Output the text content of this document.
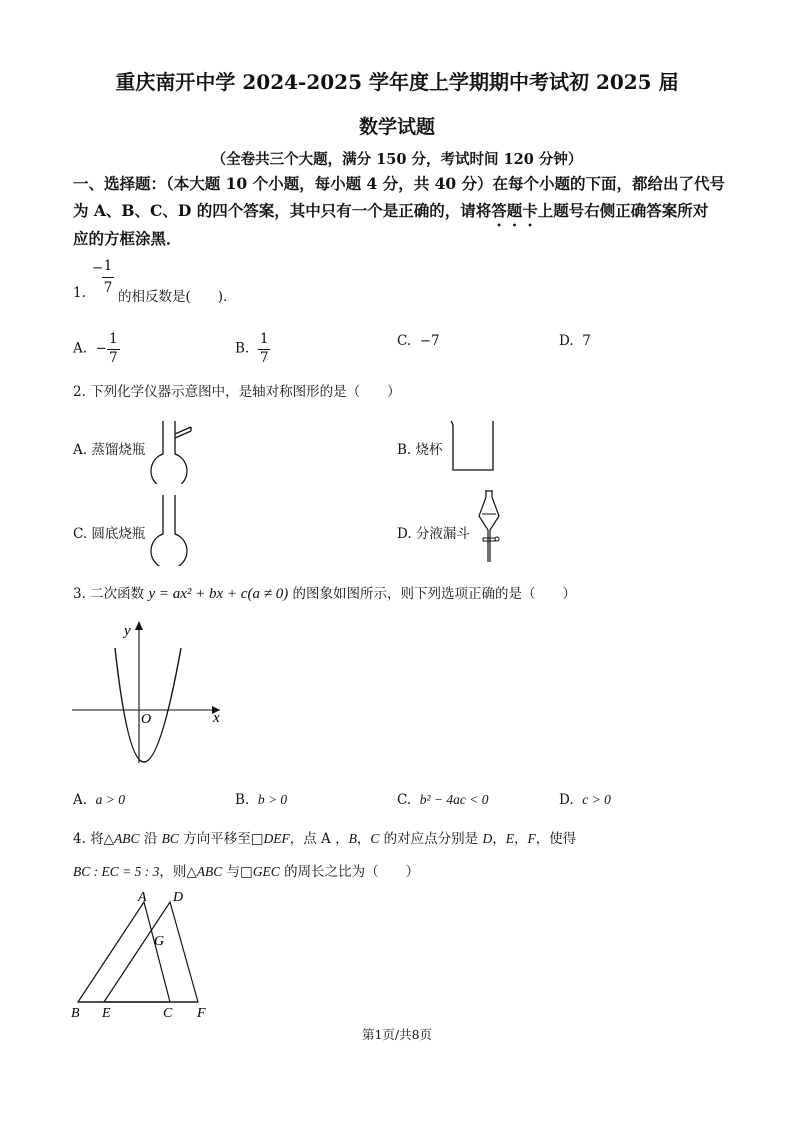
重庆南开中学 2024-2025 学年度上学期期中考试初 2025 届
数学试题
（全卷共三个大题，满分 150 分，考试时间 120 分钟）
一、选择题：（本大题 10 个小题，每小题 4 分，共 40 分）在每个小题的下面，都给出了代号
为 A、B、C、D 的四个答案，其中只有一个是正确的，请将答题卡上题号右侧正确答案所对
应的方框涂黑．
1.
− 1
7
的相反数是(　　)．
A. − $\frac{1}{7}$	B. $\frac{1}{7}$	C. −7	D. 7
2. 下列化学仪器示意图中，是轴对称图形的是（　　）
A. 蒸馏烧瓶	B. 烧杯
C. 圆底烧瓶	D. 分液漏斗
3. 二次函数 y = ax² + bx + c(a ≠ 0) 的图象如图所示，则下列选项正确的是（　　）
y
x
O
A. a > 0	B. b > 0	C. b² − 4ac < 0	D. c > 0
4. 将△ABC 沿 BC 方向平移至□DEF，点 A ，B，C 的对应点分别是 D，E，F，使得
BC : EC = 5 : 3，则△ABC 与□GEC 的周长之比为（　　）
A D
G
B E	C F
第1页/共8页
